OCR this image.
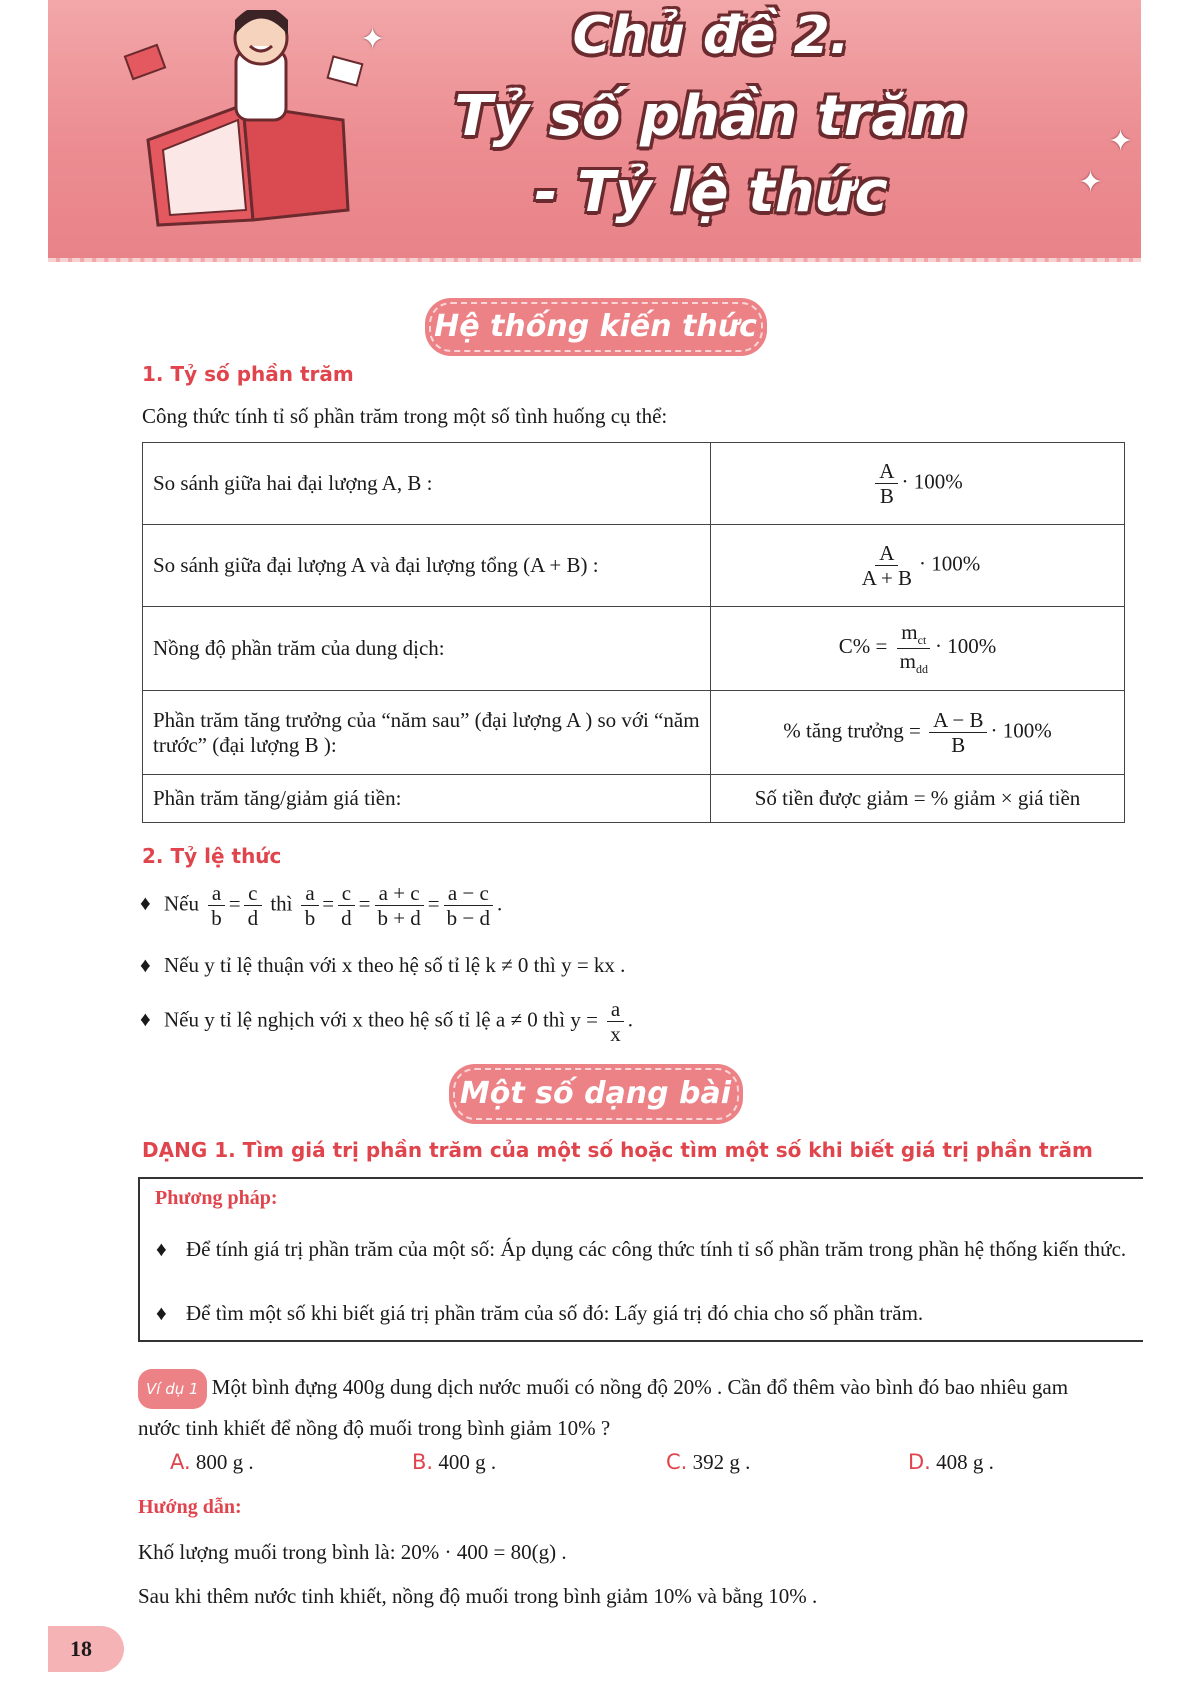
✦
✦
✦
Chủ đề 2.
Tỷ số phần trăm
- Tỷ lệ thức
Hệ thống kiến thức
1. Tỷ số phần trăm
Công thức tính tỉ số phần trăm trong một số tình huống cụ thể:
So sánh giữa hai đại lượng A, B :	$\frac{A}{B} \cdot 100\%$
So sánh giữa đại lượng A và đại lượng tổng (A + B) :	$\frac{A}{A + B} \cdot 100\%$
Nồng độ phần trăm của dung dịch:	$C\% = \frac{m_{ct}}{m_{dd}} \cdot 100\%$
Phần trăm tăng trưởng của “năm sau” (đại lượng A ) so với “năm trước” (đại lượng B ):	% tăng trưởng = $\frac{A - B}{B} \cdot 100\%$
Phần trăm tăng/giảm giá tiền:	Số tiền được giảm = % giảm × giá tiền
2. Tỷ lệ thức
♦ Nếu $\frac{a}{b} = \frac{c}{d}$ thì $\frac{a}{b} = \frac{c}{d} = \frac{a + c}{b + d} = \frac{a - c}{b - d}$ .
♦ Nếu y tỉ lệ thuận với x theo hệ số tỉ lệ k ≠ 0 thì y = kx .
♦ Nếu y tỉ lệ nghịch với x theo hệ số tỉ lệ a ≠ 0 thì $y = \frac{a}{x}$ .
Một số dạng bài
DẠNG 1. Tìm giá trị phần trăm của một số hoặc tìm một số khi biết giá trị phần trăm
Phương pháp:
♦ Để tính giá trị phần trăm của một số: Áp dụng các công thức tính tỉ số phần trăm trong phần hệ thống kiến thức.
♦ Để tìm một số khi biết giá trị phần trăm của số đó: Lấy giá trị đó chia cho số phần trăm.
Ví dụ 1 Một bình đựng 400g dung dịch nước muối có nồng độ 20% . Cần đổ thêm vào bình đó bao nhiêu gam
nước tinh khiết để nồng độ muối trong bình giảm 10% ?
A. 800 g .	B. 400 g .	C. 392 g .	D. 408 g .
Hướng dẫn:
Khố lượng muối trong bình là: 20% · 400 = 80(g) .
Sau khi thêm nước tinh khiết, nồng độ muối trong bình giảm 10% và bằng 10% .
18
